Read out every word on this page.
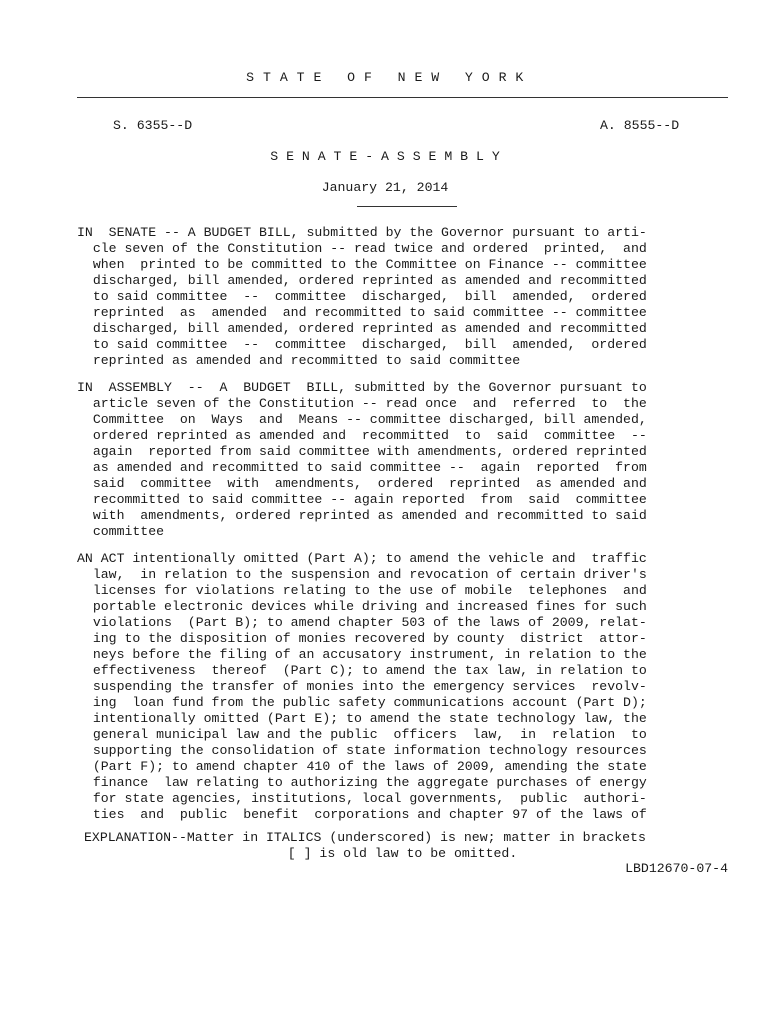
S T A T E   O F   N E W   Y O R K
S. 6355--D	A. 8555--D
S E N A T E - A S S E M B L Y
January 21, 2014
IN  SENATE -- A BUDGET BILL, submitted by the Governor pursuant to arti-
cle seven of the Constitution -- read twice and ordered  printed,  and
when  printed to be committed to the Committee on Finance -- committee
discharged, bill amended, ordered reprinted as amended and recommitted
to said committee  --  committee  discharged,  bill  amended,  ordered
reprinted  as  amended  and recommitted to said committee -- committee
discharged, bill amended, ordered reprinted as amended and recommitted
to said committee  --  committee  discharged,  bill  amended,  ordered
reprinted as amended and recommitted to said committee
IN  ASSEMBLY  --  A  BUDGET  BILL, submitted by the Governor pursuant to
article seven of the Constitution -- read once  and  referred  to  the
Committee  on  Ways  and  Means -- committee discharged, bill amended,
ordered reprinted as amended and  recommitted  to  said  committee  --
again  reported from said committee with amendments, ordered reprinted
as amended and recommitted to said committee --  again  reported  from
said  committee  with  amendments,  ordered  reprinted  as amended and
recommitted to said committee -- again reported  from  said  committee
with  amendments, ordered reprinted as amended and recommitted to said
committee
AN ACT intentionally omitted (Part A); to amend the vehicle and  traffic
law,  in relation to the suspension and revocation of certain driver's
licenses for violations relating to the use of mobile  telephones  and
portable electronic devices while driving and increased fines for such
violations  (Part B); to amend chapter 503 of the laws of 2009, relat-
ing to the disposition of monies recovered by county  district  attor-
neys before the filing of an accusatory instrument, in relation to the
effectiveness  thereof  (Part C); to amend the tax law, in relation to
suspending the transfer of monies into the emergency services  revolv-
ing  loan fund from the public safety communications account (Part D);
intentionally omitted (Part E); to amend the state technology law, the
general municipal law and the public  officers  law,  in  relation  to
supporting the consolidation of state information technology resources
(Part F); to amend chapter 410 of the laws of 2009, amending the state
finance  law relating to authorizing the aggregate purchases of energy
for state agencies, institutions, local governments,  public  authori-
ties  and  public  benefit  corporations and chapter 97 of the laws of
EXPLANATION--Matter in ITALICS (underscored) is new; matter in brackets
[ ] is old law to be omitted.
LBD12670-07-4
